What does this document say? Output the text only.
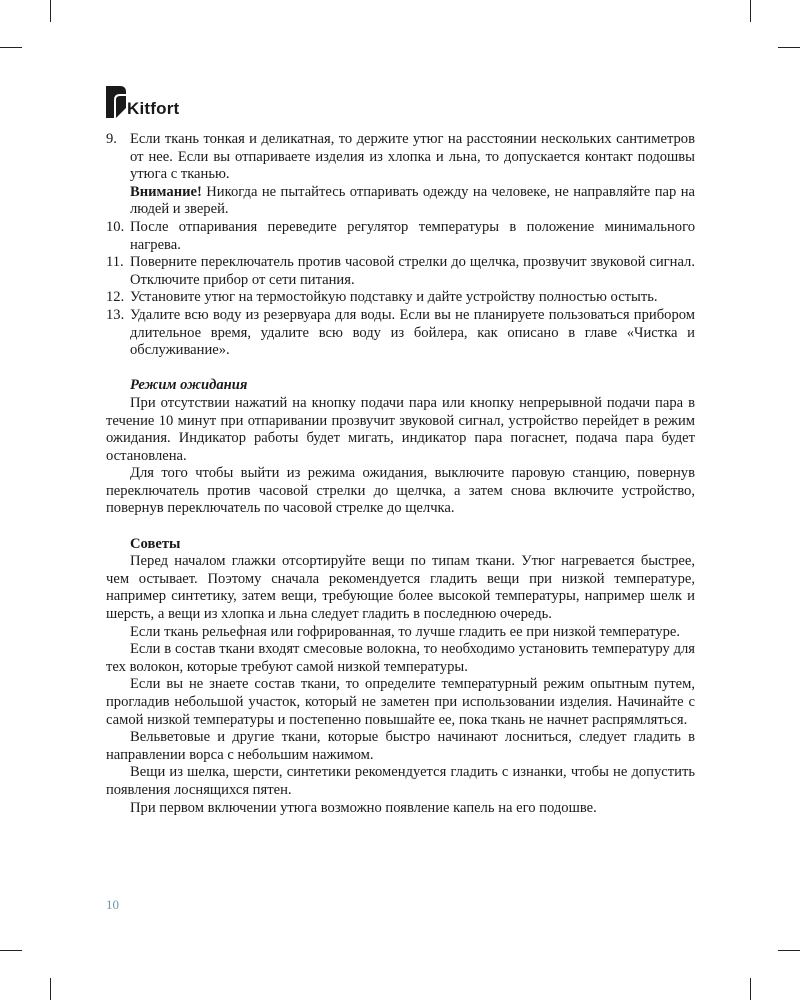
Kitfort
9. Если ткань тонкая и деликатная, то держите утюг на расстоянии нескольких сантиметров от нее. Если вы отпариваете изделия из хлопка и льна, то допускается контакт подошвы утюга с тканью.

Внимание! Никогда не пытайтесь отпаривать одежду на человеке, не направляйте пар на людей и зверей.

10. После отпаривания переведите регулятор температуры в положение минимального нагрева.
11. Поверните переключатель против часовой стрелки до щелчка, прозвучит звуковой сигнал. Отключите прибор от сети питания.
12. Установите утюг на термостойкую подставку и дайте устройству полностью остыть.
13. Удалите всю воду из резервуара для воды. Если вы не планируете пользоваться прибором длительное время, удалите всю воду из бойлера, как описано в главе «Чистка и обслуживание».

Режим ожидания

При отсутствии нажатий на кнопку подачи пара или кнопку непрерывной подачи пара в течение 10 минут при отпаривании прозвучит звуковой сигнал, устройство перейдет в режим ожидания. Индикатор работы будет мигать, индикатор пара погаснет, подача пара будет остановлена.

Для того чтобы выйти из режима ожидания, выключите паровую станцию, повернув переключатель против часовой стрелки до щелчка, а затем снова включите устройство, повернув переключатель по часовой стрелке до щелчка.

Советы

Перед началом глажки отсортируйте вещи по типам ткани. Утюг нагревается быстрее, чем остывает. Поэтому сначала рекомендуется гладить вещи при низкой температуре, например синтетику, затем вещи, требующие более высокой температуры, например шелк и шерсть, а вещи из хлопка и льна следует гладить в последнюю очередь.

Если ткань рельефная или гофрированная, то лучше гладить ее при низкой температуре.

Если в состав ткани входят смесовые волокна, то необходимо установить температуру для тех волокон, которые требуют самой низкой температуры.

Если вы не знаете состав ткани, то определите температурный режим опытным путем, прогладив небольшой участок, который не заметен при использовании изделия. Начинайте с самой низкой температуры и постепенно повышайте ее, пока ткань не начнет распрямляться.

Вельветовые и другие ткани, которые быстро начинают лосниться, следует гладить в направлении ворса с небольшим нажимом.

Вещи из шелка, шерсти, синтетики рекомендуется гладить с изнанки, чтобы не допустить появления лоснящихся пятен.

При первом включении утюга возможно появление капель на его подошве.

10
